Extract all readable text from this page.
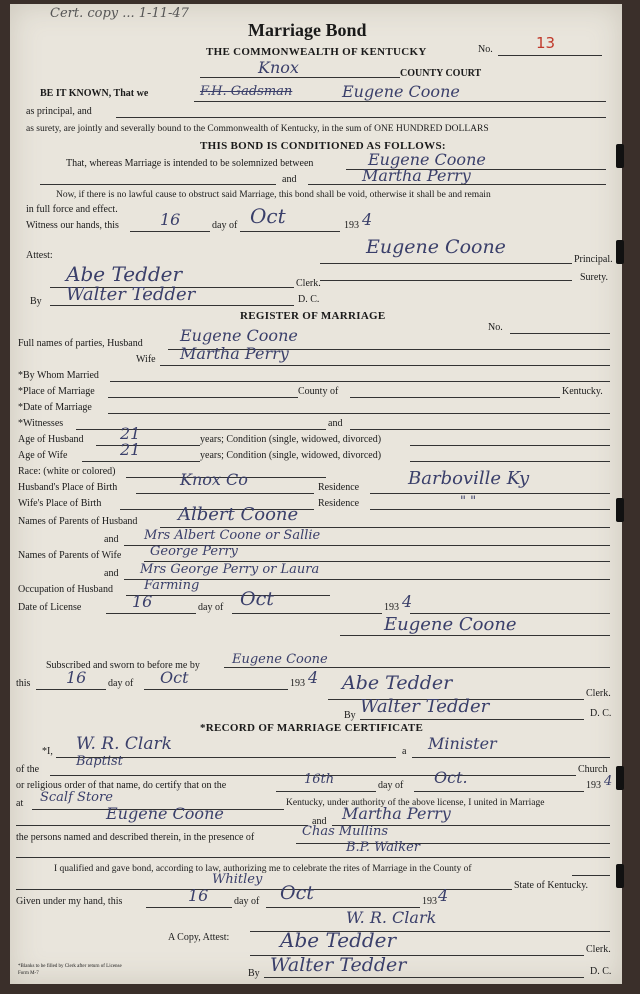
Cert. copy ... 1-11-47
Marriage Bond
THE COMMONWEALTH OF KENTUCKY	No.	13
Knox	COUNTY COURT
BE IT KNOWN, That we	F.H. Gadsman	Eugene Coone
as principal, and
as surety, are jointly and severally bound to the Commonwealth of Kentucky, in the sum of ONE HUNDRED DOLLARS
THIS BOND IS CONDITIONED AS FOLLOWS:
That, whereas Marriage is intended to be solemnized between	Eugene Coone
and	Martha Perry
Now, if there is no lawful cause to obstruct said Marriage, this bond shall be void, otherwise it shall be and remain
in full force and effect.
Witness our hands, this	16	day of Oct	193 4
Attest:	Eugene Coone
Principal.
Surety.
Abe Tedder	Clerk.
By Walter Tedder	D. C.
REGISTER OF MARRIAGE
No.
Full names of parties, Husband Eugene Coone
Wife Martha Perry
*By Whom Married
*Place of Marriage	County of	Kentucky.
*Date of Marriage
*Witnesses	and
Age of Husband 21	years; Condition (single, widowed, divorced)
Age of Wife	21	years; Condition (single, widowed, divorced)
Race: (white or colored)
Husband's Place of Birth	Knox Co	Residence	Barboville Ky
Wife's Place of Birth	Residence	" "
Names of Parents of Husband Albert Coone
and Mrs Albert Coone or Sallie
Names of Parents of Wife George Perry
and Mrs George Perry or Laura
Occupation of Husband Farming
Date of License	16	day of Oct	193 4
Eugene Coone
Subscribed and sworn to before me by Eugene Coone
this 16 day of Oct	193 4 Abe Tedder	Clerk.
By Walter Tedder	D. C.
*RECORD OF MARRIAGE CERTIFICATE
*I, W. R. Clark	a Minister
of the
Baptist
Church
or religious order of that name, do certify that on the	16th	day of Oct.	193 4
at Scalf Store	Kentucky, under authority of the above license, I united in Marriage
Eugene Coone	and Martha Perry
the persons named and described therein, in the presence of	Chas Mullins
B.P. Walker
I qualified and gave bond, according to law, authorizing me to celebrate the rites of Marriage in the County of
Whitley	State of Kentucky.
Given under my hand, this	16	day of Oct	193 4
W. R. Clark
A Copy, Attest:	Abe Tedder	Clerk.
By Walter Tedder	D. C.
*Blanks to be filled by Clerk after return of License
Form M-7
